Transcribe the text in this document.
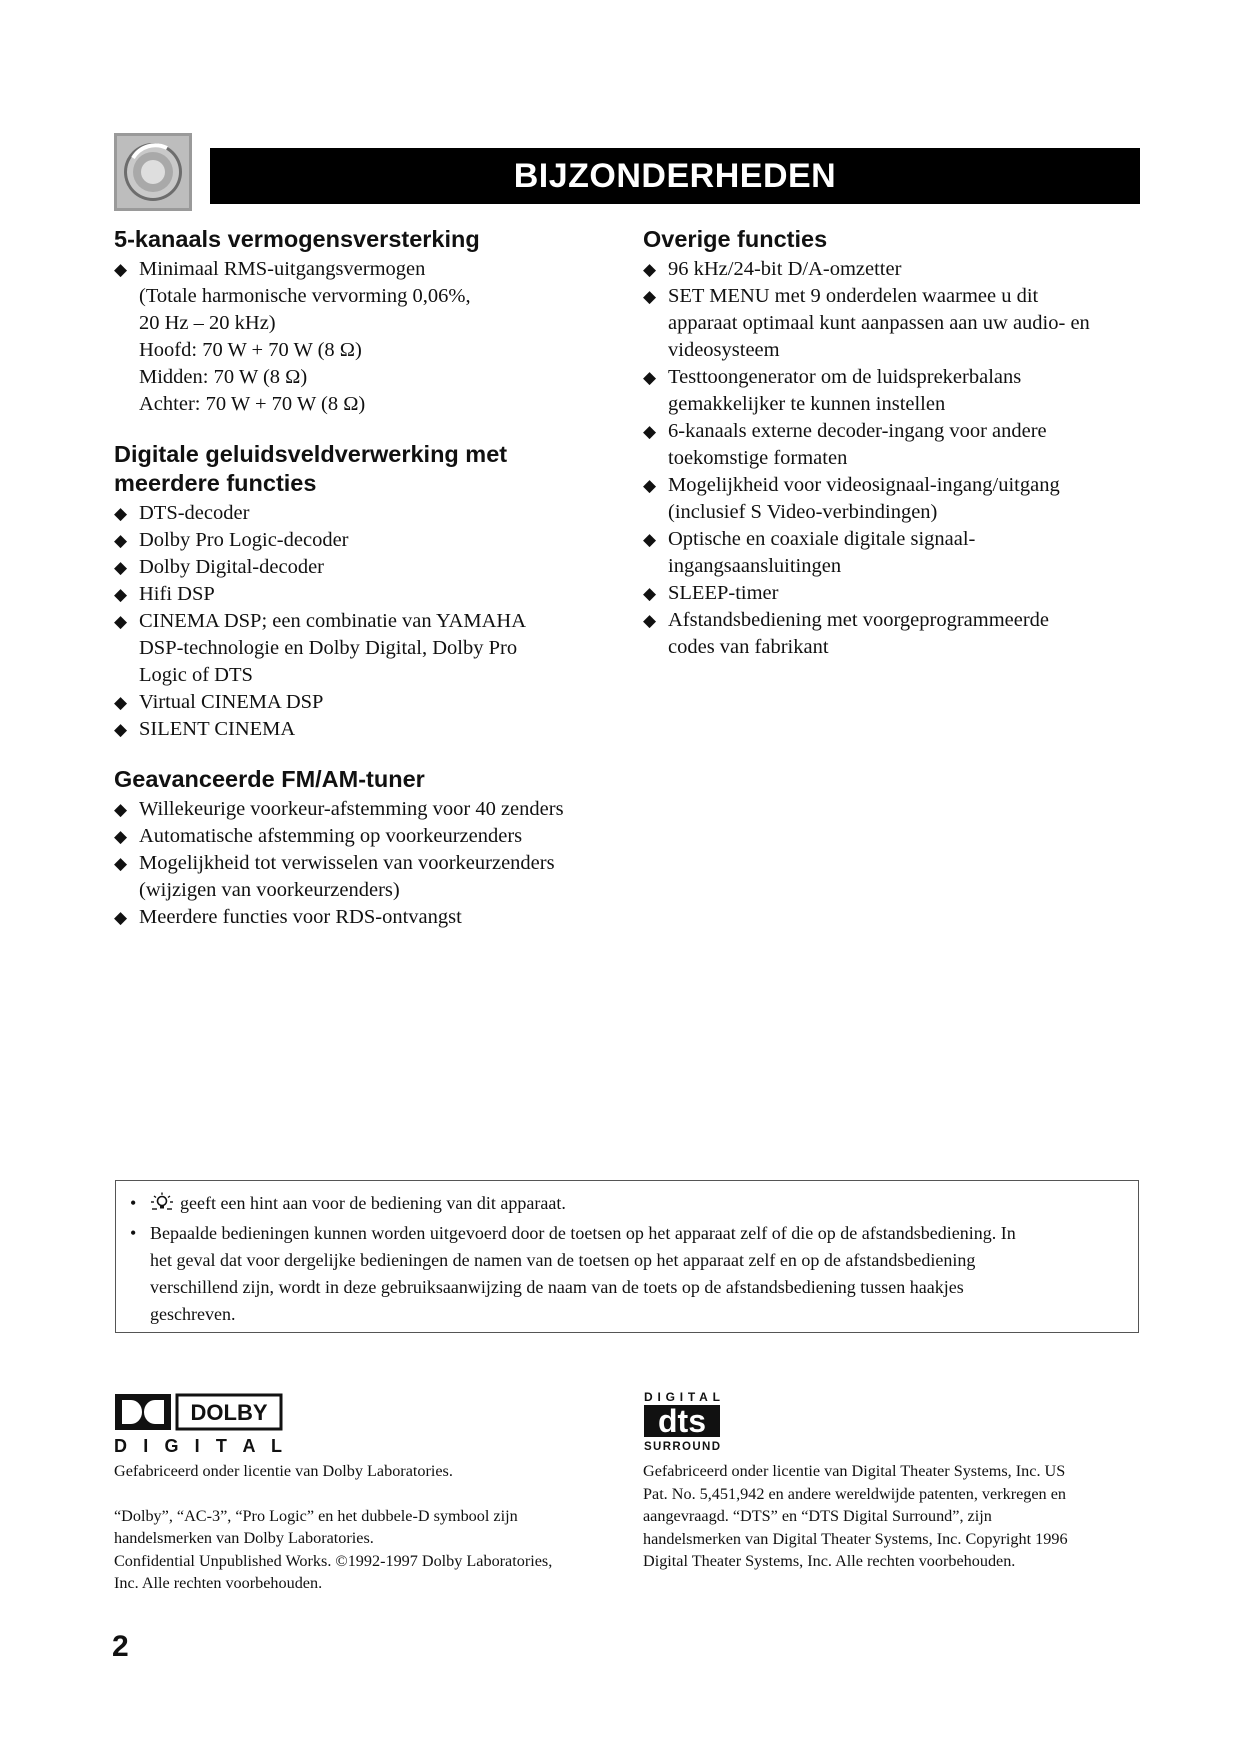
BIJZONDERHEDEN
5-kanaals vermogensversterking
◆ Minimaal RMS-uitgangsvermogen
(Totale harmonische vervorming 0,06%,
20 Hz – 20 kHz)
Hoofd: 70 W + 70 W (8 Ω)
Midden: 70 W (8 Ω)
Achter: 70 W + 70 W (8 Ω)
Digitale geluidsveldverwerking met
meerdere functies
◆ DTS-decoder
◆ Dolby Pro Logic-decoder
◆ Dolby Digital-decoder
◆ Hifi DSP
◆ CINEMA DSP; een combinatie van YAMAHA
DSP-technologie en Dolby Digital, Dolby Pro
Logic of DTS
◆ Virtual CINEMA DSP
◆ SILENT CINEMA
Geavanceerde FM/AM-tuner
◆ Willekeurige voorkeur-afstemming voor 40 zenders
◆ Automatische afstemming op voorkeurzenders
◆ Mogelijkheid tot verwisselen van voorkeurzenders
(wijzigen van voorkeurzenders)
◆ Meerdere functies voor RDS-ontvangst
Overige functies
◆ 96 kHz/24-bit D/A-omzetter
◆ SET MENU met 9 onderdelen waarmee u dit
apparaat optimaal kunt aanpassen aan uw audio- en
videosysteem
◆ Testtoongenerator om de luidsprekerbalans
gemakkelijker te kunnen instellen
◆ 6-kanaals externe decoder-ingang voor andere
toekomstige formaten
◆ Mogelijkheid voor videosignaal-ingang/uitgang
(inclusief S Video-verbindingen)
◆ Optische en coaxiale digitale signaal-
ingangsaansluitingen
◆ SLEEP-timer
◆ Afstandsbediening met voorgeprogrammeerde
codes van fabrikant
• geeft een hint aan voor de bediening van dit apparaat.
• Bepaalde bedieningen kunnen worden uitgevoerd door de toetsen op het apparaat zelf of die op de afstandsbediening. In
het geval dat voor dergelijke bedieningen de namen van de toetsen op het apparaat zelf en op de afstandsbediening
verschillend zijn, wordt in deze gebruiksaanwijzing de naam van de toets op de afstandsbediening tussen haakjes
geschreven.
DOLBY
D I G I T A L
DIGITAL
dts
SURROUND

Gefabriceerd onder licentie van Dolby Laboratories.

“Dolby”, “AC-3”, “Pro Logic” en het dubbele-D symbool zijn

handelsmerken van Dolby Laboratories.

Confidential Unpublished Works. ©1992-1997 Dolby Laboratories,

Inc. Alle rechten voorbehouden.

Gefabriceerd onder licentie van Digital Theater Systems, Inc. US

Pat. No. 5,451,942 en andere wereldwijde patenten, verkregen en

aangevraagd. “DTS” en “DTS Digital Surround”, zijn

handelsmerken van Digital Theater Systems, Inc. Copyright 1996

Digital Theater Systems, Inc. Alle rechten voorbehouden.

2
